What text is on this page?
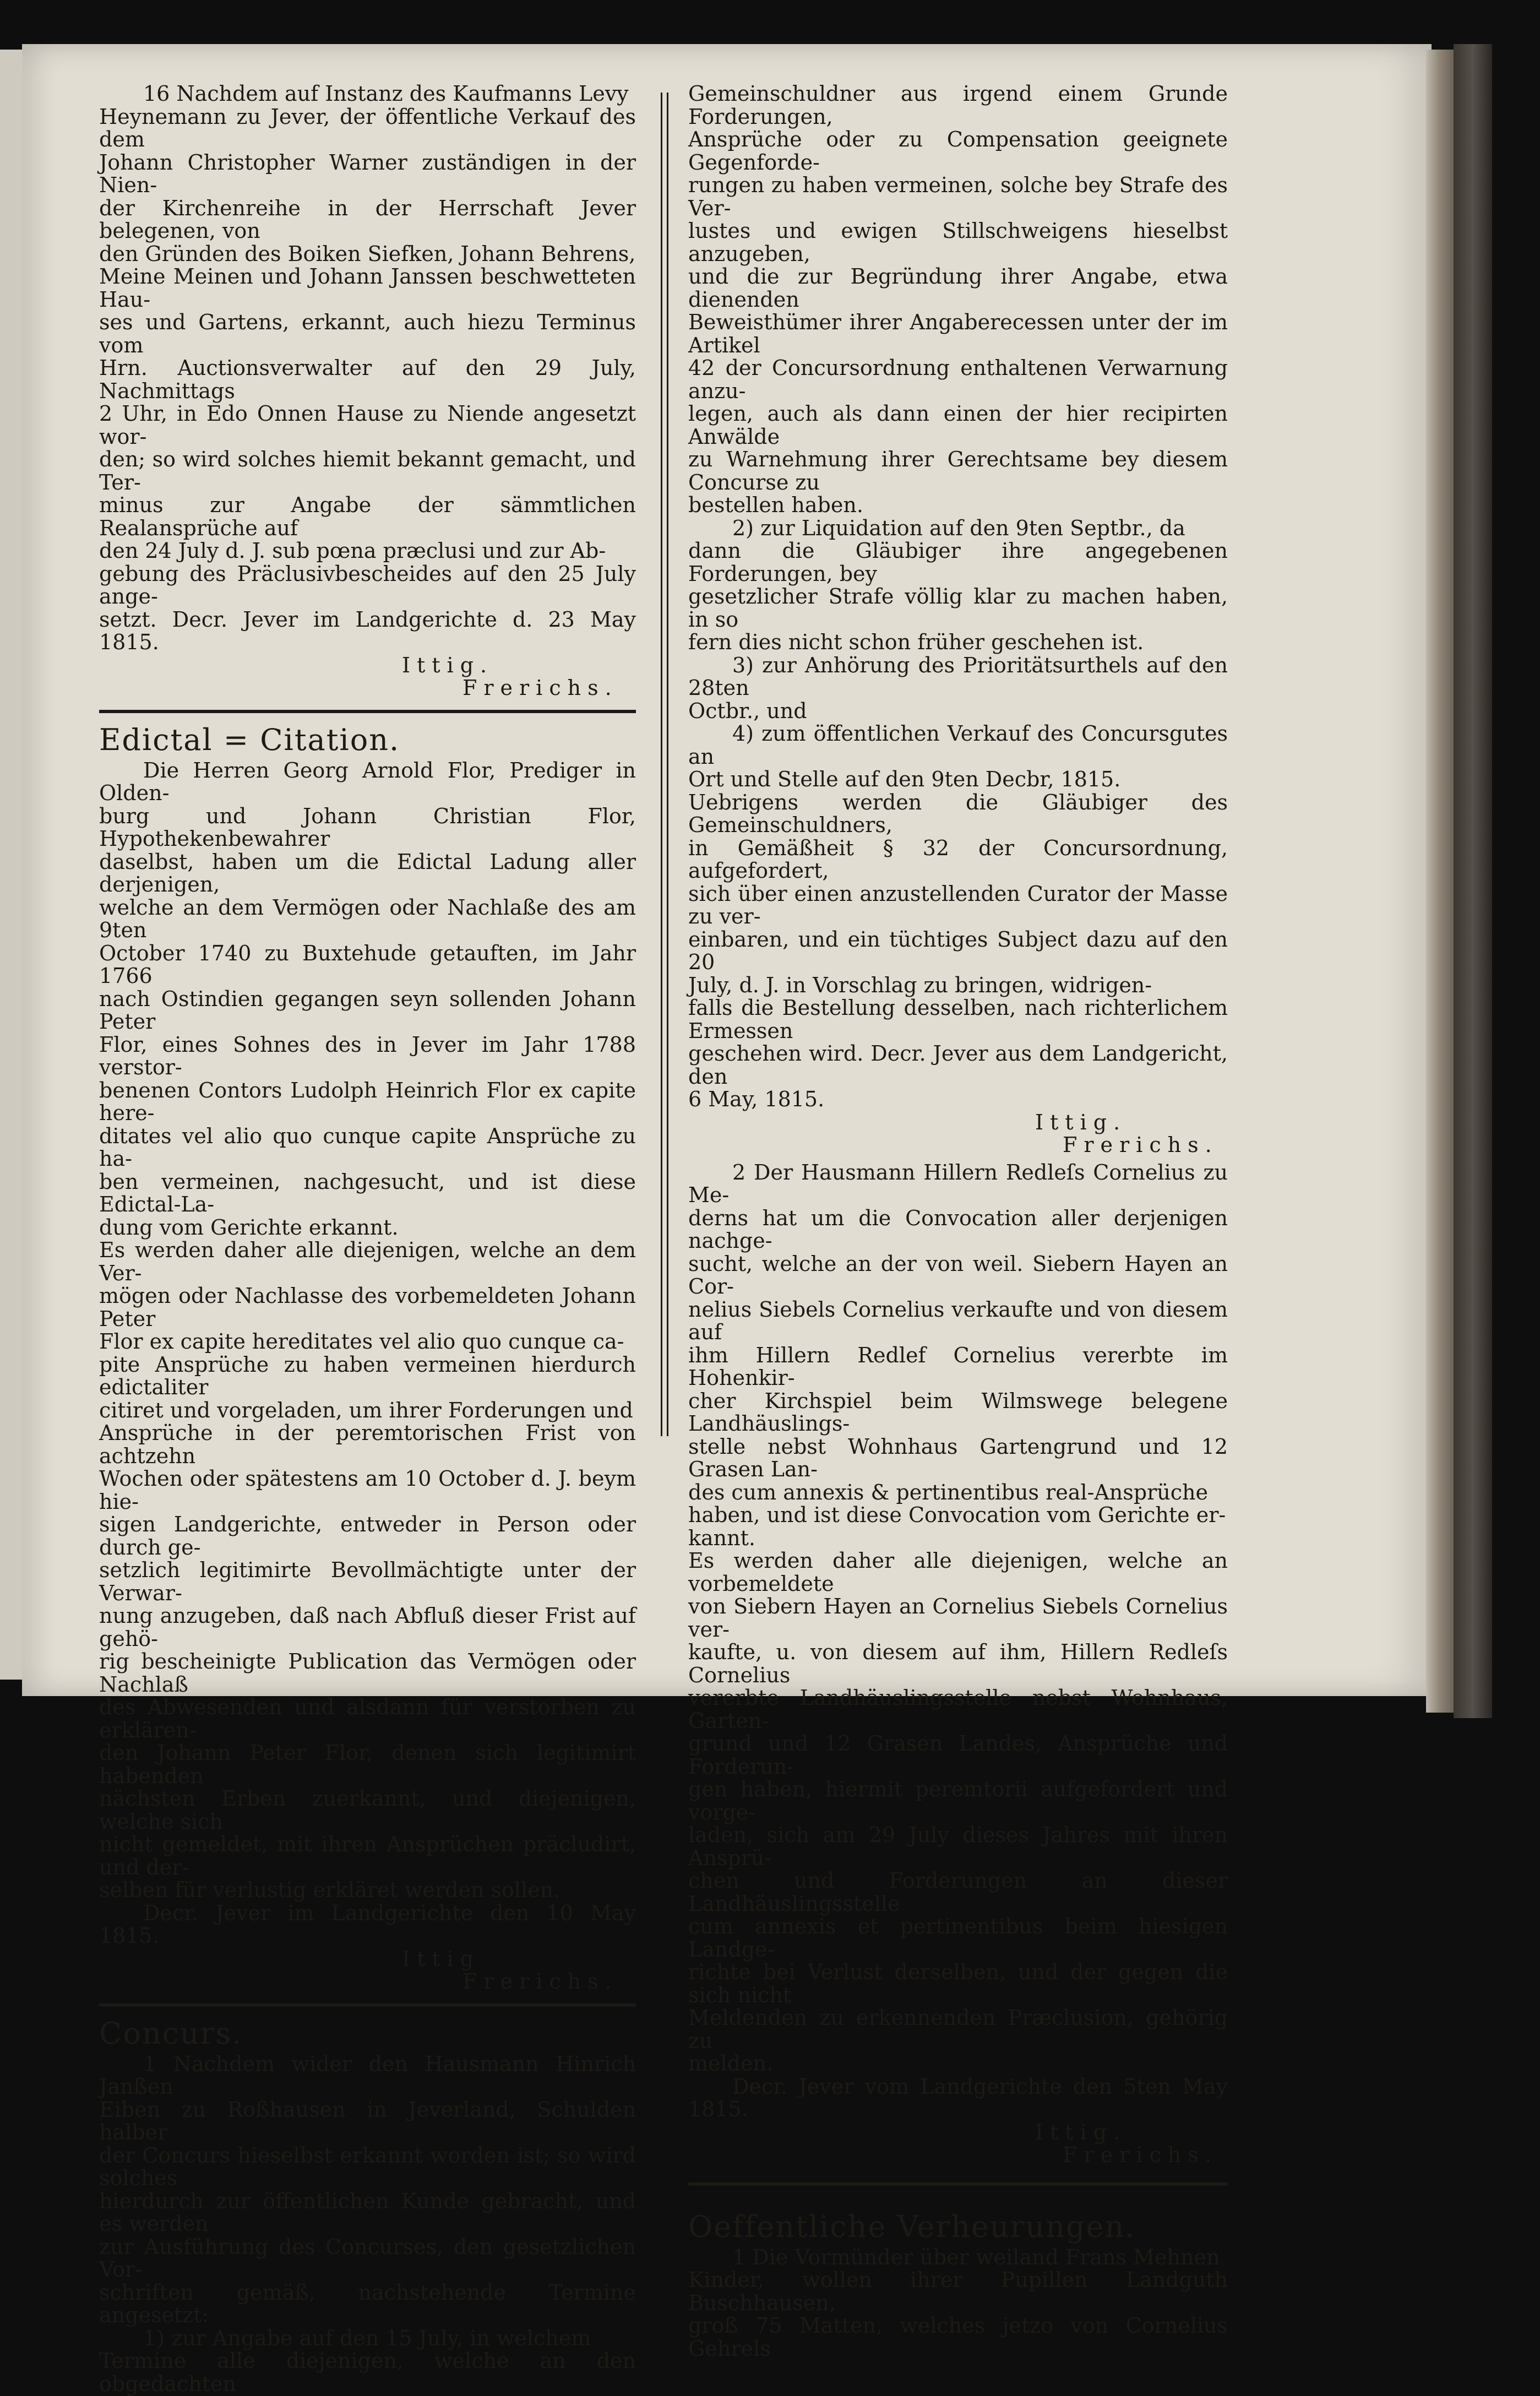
16 Nachdem auf Instanz des Kaufmanns Levy

Heynemann zu Jever, der öffentliche Verkauf des dem

Johann Christopher Warner zuständigen in der Nien-

der Kirchenreihe in der Herrschaft Jever belegenen, von

den Gründen des Boiken Siefken, Johann Behrens,

Meine Meinen und Johann Janssen beschwetteten Hau-

ses und Gartens, erkannt, auch hiezu Terminus vom

Hrn. Auctionsverwalter auf den 29 July, Nachmittags

2 Uhr, in Edo Onnen Hause zu Niende angesetzt wor-

den; so wird solches hiemit bekannt gemacht, und Ter-

minus zur Angabe der sämmtlichen Realansprüche auf

den 24 July d. J. sub pœna præclusi und zur Ab-

gebung des Präclusivbescheides auf den 25 July ange-

setzt. Decr. Jever im Landgerichte d. 23 May 1815.

Ittig.

Frerichs.

Edictal = Citation.

Die Herren Georg Arnold Flor, Prediger in Olden-

burg und Johann Christian Flor, Hypothekenbewahrer

daselbst, haben um die Edictal Ladung aller derjenigen,

welche an dem Vermögen oder Nachlaße des am 9ten

October 1740 zu Buxtehude getauften, im Jahr 1766

nach Ostindien gegangen seyn sollenden Johann Peter

Flor, eines Sohnes des in Jever im Jahr 1788 verstor-

benenen Contors Ludolph Heinrich Flor ex capite here-

ditates vel alio quo cunque capite Ansprüche zu ha-

ben vermeinen, nachgesucht, und ist diese Edictal-La-

dung vom Gerichte erkannt.

Es werden daher alle diejenigen, welche an dem Ver-

mögen oder Nachlasse des vorbemeldeten Johann Peter

Flor ex capite hereditates vel alio quo cunque ca-

pite Ansprüche zu haben vermeinen hierdurch edictaliter

citiret und vorgeladen, um ihrer Forderungen und

Ansprüche in der peremtorischen Frist von achtzehn

Wochen oder spätestens am 10 October d. J. beym hie-

sigen Landgerichte, entweder in Person oder durch ge-

setzlich legitimirte Bevollmächtigte unter der Verwar-

nung anzugeben, daß nach Abfluß dieser Frist auf gehö-

rig bescheinigte Publication das Vermögen oder Nachlaß

des Abwesenden und alsdann für verstorben zu erklären-

den Johann Peter Flor, denen sich legitimirt habenden

nächsten Erben zuerkannt, und diejenigen, welche sich

nicht gemeldet, mit ihren Ansprüchen präcludirt, und der-

selben für verlustig erkläret werden sollen.

Decr. Jever im Landgerichte den 10 May 1815.

Ittig

Frerichs.

Concurs.

1 Nachdem wider den Hausmann Hinrich Janßen

Eiben zu Roßhausen in Jeverland, Schulden halber

der Concurs hieselbst erkannt worden ist; so wird solches

hierdurch zur öffentlichen Kunde gebracht, und es werden

zur Ausführung des Concurses, den gesetzlichen Vor-

schriften gemäß, nachstehende Termine angesetzt:

1) zur Angabe auf den 15 July, in welchem

Termine alle diejenigen, welche an den obgedachten

Gemeinschuldner aus irgend einem Grunde Forderungen,

Ansprüche oder zu Compensation geeignete Gegenforde-

rungen zu haben vermeinen, solche bey Strafe des Ver-

lustes und ewigen Stillschweigens hieselbst anzugeben,

und die zur Begründung ihrer Angabe, etwa dienenden

Beweisthümer ihrer Angaberecessen unter der im Artikel

42 der Concursordnung enthaltenen Verwarnung anzu-

legen, auch als dann einen der hier recipirten Anwälde

zu Warnehmung ihrer Gerechtsame bey diesem Concurse zu

bestellen haben.

2) zur Liquidation auf den 9ten Septbr., da

dann die Gläubiger ihre angegebenen Forderungen, bey

gesetzlicher Strafe völlig klar zu machen haben, in so

fern dies nicht schon früher geschehen ist.

3) zur Anhörung des Prioritätsurthels auf den 28ten

Octbr., und

4) zum öffentlichen Verkauf des Concursgutes an

Ort und Stelle auf den 9ten Decbr, 1815.

Uebrigens werden die Gläubiger des Gemeinschuldners,

in Gemäßheit § 32 der Concursordnung, aufgefordert,

sich über einen anzustellenden Curator der Masse zu ver-

einbaren, und ein tüchtiges Subject dazu auf den 20

July, d. J. in Vorschlag zu bringen, widrigen-

falls die Bestellung desselben, nach richterlichem Ermessen

geschehen wird. Decr. Jever aus dem Landgericht, den

6 May, 1815.

Ittig.

Frerichs.

2 Der Hausmann Hillern Redleſs Cornelius zu Me-

derns hat um die Convocation aller derjenigen nachge-

sucht, welche an der von weil. Siebern Hayen an Cor-

nelius Siebels Cornelius verkaufte und von diesem auf

ihm Hillern Redlef Cornelius vererbte im Hohenkir-

cher Kirchspiel beim Wilmswege belegene Landhäuslings-

stelle nebst Wohnhaus Gartengrund und 12 Grasen Lan-

des cum annexis & pertinentibus real-Ansprüche

haben, und ist diese Convocation vom Gerichte er-

kannt.

Es werden daher alle diejenigen, welche an vorbemeldete

von Siebern Hayen an Cornelius Siebels Cornelius ver-

kaufte, u. von diesem auf ihm, Hillern Redleſs Cornelius

vererbte Landhäuslingsstelle nebst Wohnhaus, Garten-

grund und 12 Grasen Landes, Ansprüche und Forderun-

gen haben, hiermit peremtorii aufgefordert und vorge-

laden, sich am 29 July dieses Jahres mit ihren Ansprü-

chen und Forderungen an dieser Landhäuslingsstelle

cum annexis et pertinentibus beim hiesigen Landge-

richte bei Verlust derselben, und der gegen die sich nicht

Meldenden zu erkennenden Præclusion, gehörig zu

melden.

Decr. Jever vom Landgerichte den 5ten May 1815.

Ittig.

Frerichs.

Oeffentliche Verheurungen.

1 Die Vormünder über weiland Frans Mehnen

Kinder, wollen ihrer Pupillen Landguth Buschhausen,

groß 75 Matten, welches jetzo von Cornelius Gehrels
